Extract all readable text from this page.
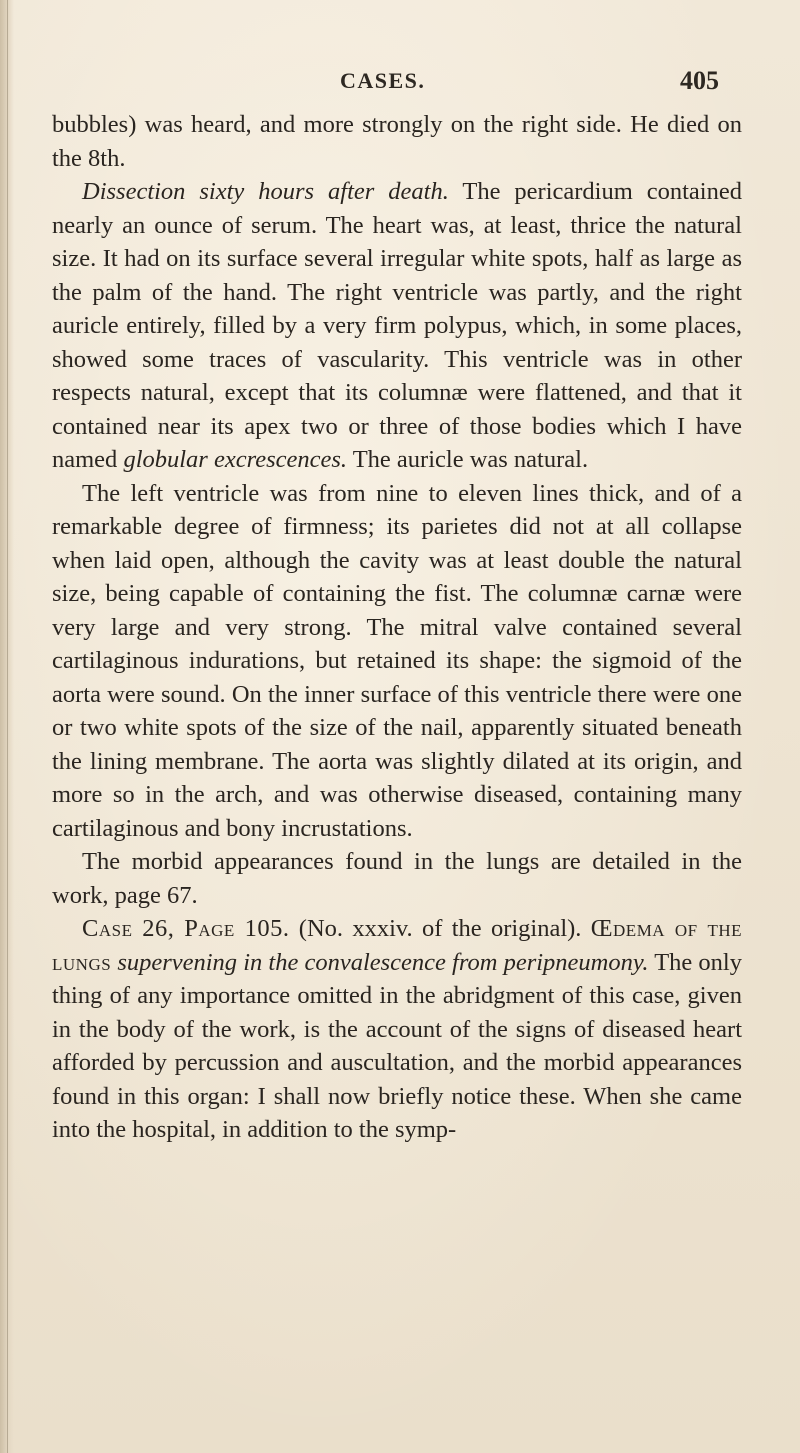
CASES.	405

bubbles) was heard, and more strongly on the right side. He died on the 8th.

Dissection sixty hours after death. The pericardium contained nearly an ounce of serum. The heart was, at least, thrice the natural size. It had on its surface several irregular white spots, half as large as the palm of the hand. The right ventricle was partly, and the right auricle entirely, filled by a very firm polypus, which, in some places, showed some traces of vascularity. This ventricle was in other respects natural, except that its columnæ were flattened, and that it contained near its apex two or three of those bodies which I have named globular excrescences. The auricle was natural.

The left ventricle was from nine to eleven lines thick, and of a remarkable degree of firmness; its parietes did not at all collapse when laid open, although the cavity was at least double the natural size, being capable of containing the fist. The columnæ carnæ were very large and very strong. The mitral valve contained several cartilaginous indurations, but retained its shape: the sigmoid of the aorta were sound. On the inner surface of this ventricle there were one or two white spots of the size of the nail, apparently situated beneath the lining membrane. The aorta was slightly dilated at its origin, and more so in the arch, and was otherwise diseased, containing many cartilaginous and bony incrustations.

The morbid appearances found in the lungs are detailed in the work, page 67.

Case 26, Page 105. (No. xxxiv. of the original). Œdema of the lungs supervening in the convalescence from peripneumony. The only thing of any importance omitted in the abridgment of this case, given in the body of the work, is the account of the signs of diseased heart afforded by percussion and auscultation, and the morbid appearances found in this organ: I shall now briefly notice these. When she came into the hospital, in addition to the symp-
